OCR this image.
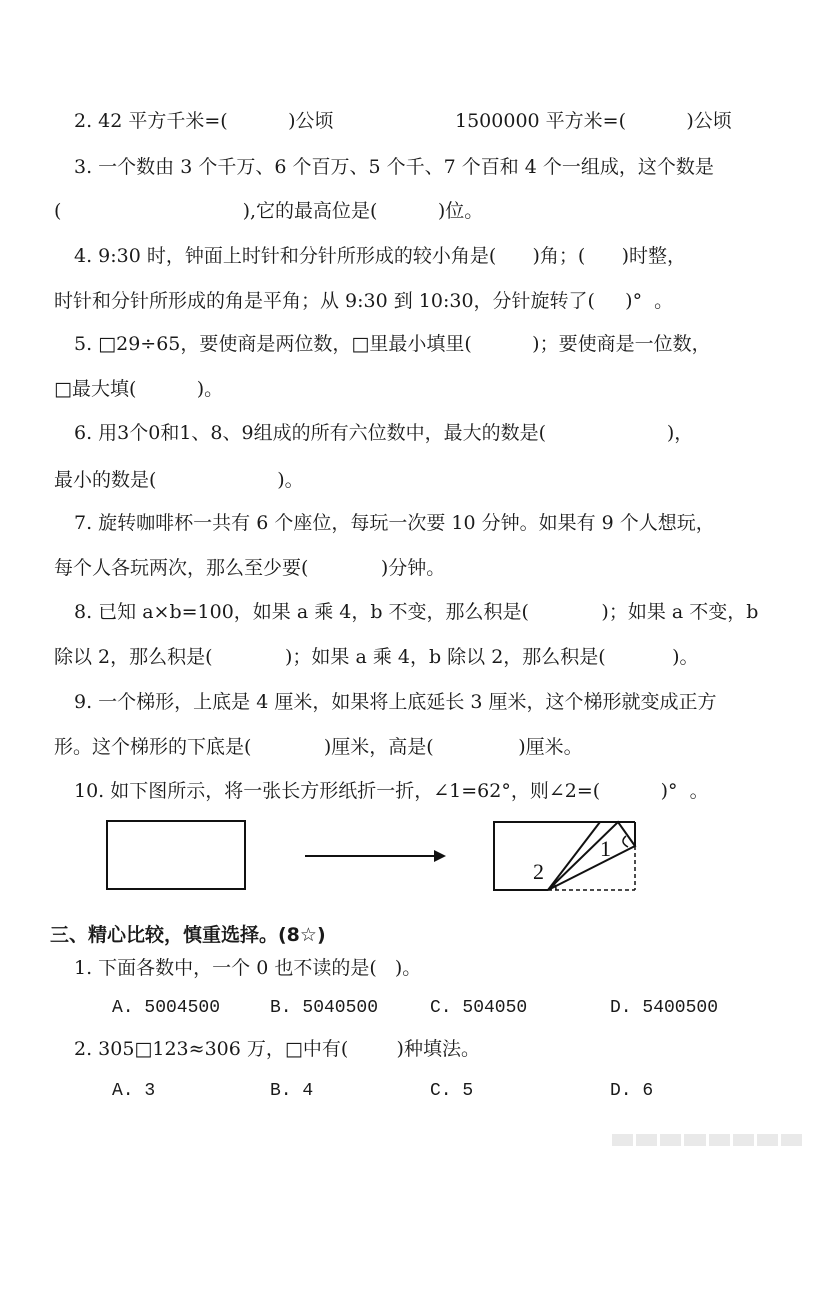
2. 42 平方千米=(          )公顷

	1500000 平方米=(          )公顷

3. 一个数由 3 个千万、6 个百万、5 个千、7 个百和 4 个一组成，这个数是

(                              ),它的最高位是(          )位。

4. 9:30 时，钟面上时针和分针所形成的较小角是(      )角；(      )时整，

时针和分针所形成的角是平角；从 9:30 到 10:30，分针旋转了(     )°  。

5. □29÷65，要使商是两位数，□里最小填里(          )；要使商是一位数，

□最大填(          )。

6. 用3个0和1、8、9组成的所有六位数中，最大的数是(                    )，

最小的数是(                    )。

7. 旋转咖啡杯一共有 6 个座位，每玩一次要 10 分钟。如果有 9 个人想玩，

每个人各玩两次，那么至少要(            )分钟。

8. 已知 a×b=100，如果 a 乘 4，b 不变，那么积是(            )；如果 a 不变，b

除以 2，那么积是(            )；如果 a 乘 4，b 除以 2，那么积是(           )。

9. 一个梯形，上底是 4 厘米，如果将上底延长 3 厘米，这个梯形就变成正方

形。这个梯形的下底是(            )厘米，高是(              )厘米。

10. 如下图所示，将一张长方形纸折一折，∠1=62°，则∠2=(          )°  。

1
2

三、精心比较，慎重选择。(8☆)

1. 下面各数中，一个 0 也不读的是(   )。

A. 5004500

	B. 5040500

	C. 504050

	D. 5400500

2. 305□123≈306 万，□中有(        )种填法。

A. 3

	B. 4

	C. 5

	D. 6
